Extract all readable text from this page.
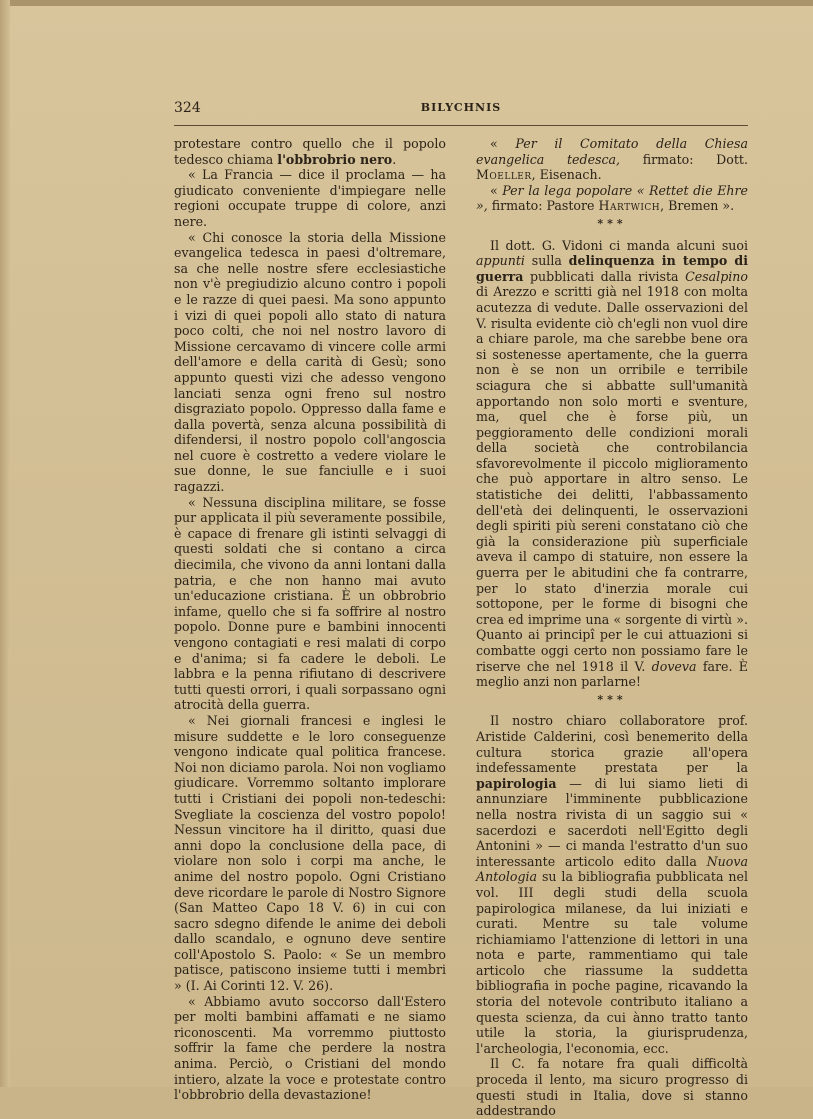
324	BILYCHNIS

protestare contro quello che il popolo tedesco chiama l'obbrobrio nero.

« La Francia — dice il proclama — ha giudicato conveniente d'impiegare nelle regioni occupate truppe di colore, anzi nere.

« Chi conosce la storia della Missione evangelica tedesca in paesi d'oltremare, sa che nelle nostre sfere ecclesiastiche non v'è pregiudizio alcuno contro i popoli e le razze di quei paesi. Ma sono appunto i vizi di quei popoli allo stato di natura poco colti, che noi nel nostro lavoro di Missione cercavamo di vincere colle armi dell'amore e della carità di Gesù; sono appunto questi vizi che adesso vengono lanciati senza ogni freno sul nostro disgraziato popolo. Oppresso dalla fame e dalla povertà, senza alcuna possibilità di difendersi, il nostro popolo coll'angoscia nel cuore è costretto a vedere violare le sue donne, le sue fanciulle e i suoi ragazzi.

« Nessuna disciplina militare, se fosse pur applicata il più severamente possibile, è capace di frenare gli istinti selvaggi di questi soldati che si contano a circa diecimila, che vivono da anni lontani dalla patria, e che non hanno mai avuto un'educazione cristiana. È un obbrobrio infame, quello che si fa soffrire al nostro popolo. Donne pure e bambini innocenti vengono contagiati e resi malati di corpo e d'anima; si fa cadere le deboli. Le labbra e la penna rifiutano di descrivere tutti questi orrori, i quali sorpassano ogni atrocità della guerra.

« Nei giornali francesi e inglesi le misure suddette e le loro conseguenze vengono indicate qual politica francese. Noi non diciamo parola. Noi non vogliamo giudicare. Vorremmo soltanto implorare tutti i Cristiani dei popoli non-tedeschi: Svegliate la coscienza del vostro popolo! Nessun vincitore ha il diritto, quasi due anni dopo la conclusione della pace, di violare non solo i corpi ma anche, le anime del nostro popolo. Ogni Cristiano deve ricordare le parole di Nostro Signore (San Matteo Capo 18 V. 6) in cui con sacro sdegno difende le anime dei deboli dallo scandalo, e ognuno deve sentire coll'Apostolo S. Paolo: « Se un membro patisce, patiscono insieme tutti i membri » (I. Ai Corinti 12. V. 26).

« Abbiamo avuto soccorso dall'Estero per molti bambini affamati e ne siamo riconoscenti. Ma vorremmo piuttosto soffrir la fame che perdere la nostra anima. Perciò, o Cristiani del mondo intiero, alzate la voce e protestate contro l'obbrobrio della devastazione!

« Per il Comitato della Chiesa evangelica tedesca, firmato: Dott. Moeller, Eisenach.

« Per la lega popolare « Rettet die Ehre », firmato: Pastore Hartwich, Bremen ».

***

Il dott. G. Vidoni ci manda alcuni suoi appunti sulla delinquenza in tempo di guerra pubblicati dalla rivista Cesalpino di Arezzo e scritti già nel 1918 con molta acutezza di vedute. Dalle osservazioni del V. risulta evidente ciò ch'egli non vuol dire a chiare parole, ma che sarebbe bene ora si sostenesse apertamente, che la guerra non è se non un orribile e terribile sciagura che si abbatte sull'umanità apportando non solo morti e sventure, ma, quel che è forse più, un peggioramento delle condizioni morali della società che controbilancia sfavorevolmente il piccolo miglioramento che può apportare in altro senso. Le statistiche dei delitti, l'abbassamento dell'età dei delinquenti, le osservazioni degli spiriti più sereni constatano ciò che già la considerazione più superficiale aveva il campo di statuire, non essere la guerra per le abitudini che fa contrarre, per lo stato d'inerzia morale cui sottopone, per le forme di bisogni che crea ed imprime una « sorgente di virtù ». Quanto ai principî per le cui attuazioni si combatte oggi certo non possiamo fare le riserve che nel 1918 il V. doveva fare. È meglio anzi non parlarne!

***

Il nostro chiaro collaboratore prof. Aristide Calderini, così benemerito della cultura storica grazie all'opera indefessamente prestata per la papirologia — di lui siamo lieti di annunziare l'imminente pubblicazione nella nostra rivista di un saggio sui « sacerdozi e sacerdoti nell'Egitto degli Antonini » — ci manda l'estratto d'un suo interessante articolo edito dalla Nuova Antologia su la bibliografia pubblicata nel vol. III degli studi della scuola papirologica milanese, da lui iniziati e curati. Mentre su tale volume richiamiamo l'attenzione di lettori in una nota e parte, rammentiamo qui tale articolo che riassume la suddetta bibliografia in poche pagine, ricavando la storia del notevole contributo italiano a questa scienza, da cui ànno tratto tanto utile la storia, la giurisprudenza, l'archeologia, l'economia, ecc.

Il C. fa notare fra quali difficoltà proceda il lento, ma sicuro progresso di questi studi in Italia, dove si stanno addestrando
